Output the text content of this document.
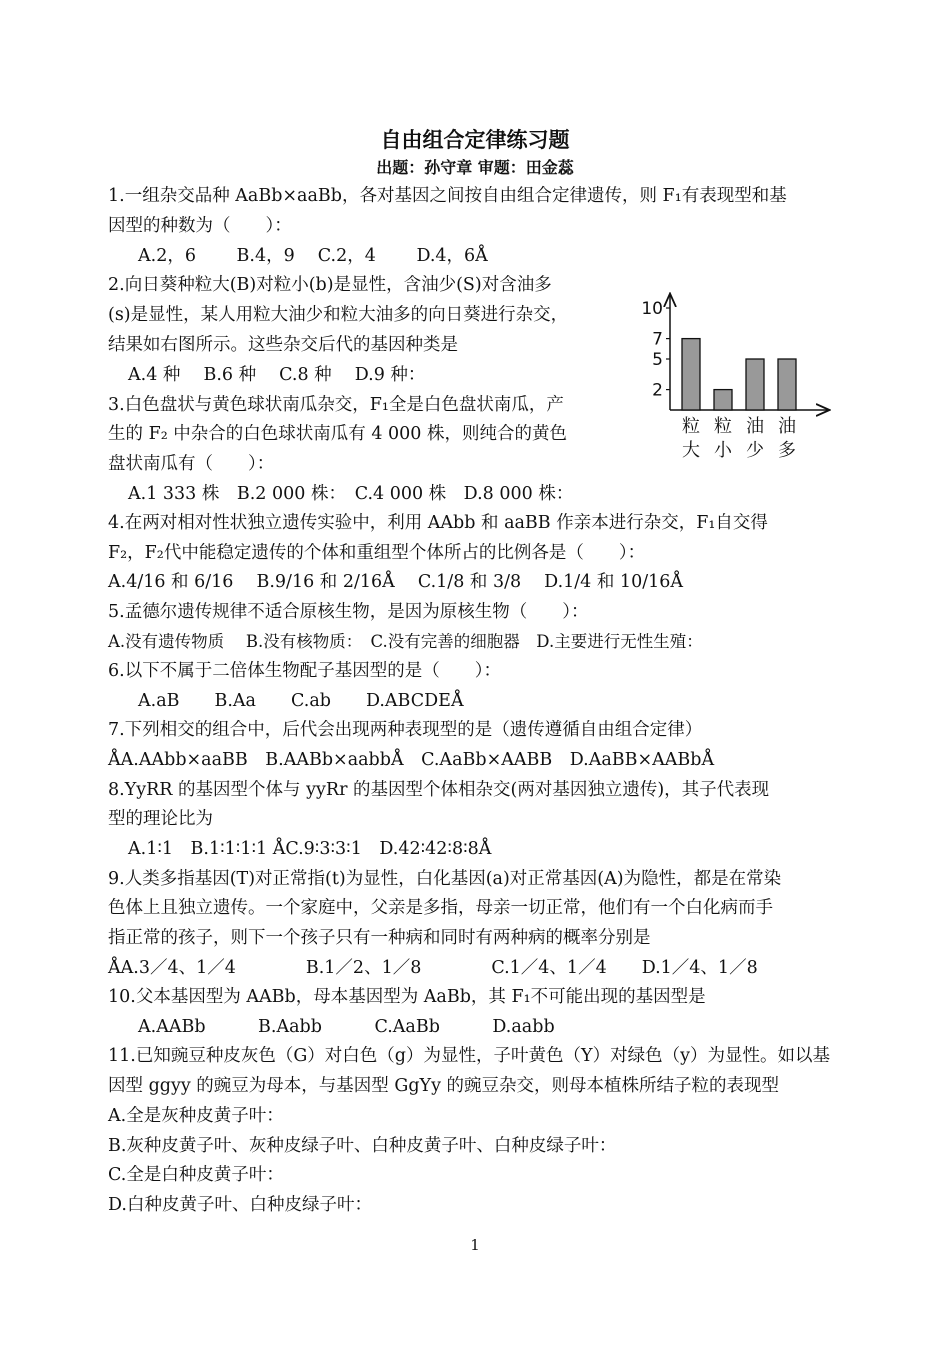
自由组合定律练习题
出题：孙守章 审题：田金蕊
1.一组杂交品种 AaBb×aaBb，各对基因之间按自由组合定律遗传，则 F₁有表现型和基
因型的种数为（　　）：
A.2，6　　 B.4，9　 C.2，4　　 D.4，6Å
2.向日葵种粒大(B)对粒小(b)是显性，含油少(S)对含油多
(s)是显性，某人用粒大油少和粒大油多的向日葵进行杂交，
结果如右图所示。这些杂交后代的基因种类是
A.4 种　 B.6 种　 C.8 种　 D.9 种：
3.白色盘状与黄色球状南瓜杂交，F₁全是白色盘状南瓜，产
生的 F₂ 中杂合的白色球状南瓜有 4 000 株，则纯合的黄色
盘状南瓜有（　　）：
A.1 333 株　B.2 000 株：　C.4 000 株　D.8 000 株：
4.在两对相对性状独立遗传实验中，利用 AAbb 和 aaBB 作亲本进行杂交，F₁自交得
F₂，F₂代中能稳定遗传的个体和重组型个体所占的比例各是（　　）：
A.4/16 和 6/16　 B.9/16 和 2/16Å　 C.1/8 和 3/8　 D.1/4 和 10/16Å
5.孟德尔遗传规律不适合原核生物，是因为原核生物（　　）：
A.没有遗传物质　 B.没有核物质：　C.没有完善的细胞器　D.主要进行无性生殖：
6.以下不属于二倍体生物配子基因型的是（　　）：
A.aB　　B.Aa　　C.ab　　D.ABCDEÅ
7.下列相交的组合中，后代会出现两种表现型的是（遗传遵循自由组合定律）
ÅA.AAbb×aaBB　B.AABb×aabbÅ　C.AaBb×AABB　D.AaBB×AABbÅ
8.YyRR 的基因型个体与 yyRr 的基因型个体相杂交(两对基因独立遗传)，其子代表现
型的理论比为
A.1∶1　B.1∶1∶1∶1 ÅC.9∶3∶3∶1　D.42∶42∶8∶8Å
9.人类多指基因(T)对正常指(t)为显性，白化基因(a)对正常基因(A)为隐性，都是在常染
色体上且独立遗传。一个家庭中，父亲是多指，母亲一切正常，他们有一个白化病而手
指正常的孩子，则下一个孩子只有一种病和同时有两种病的概率分别是
ÅA.3／4、1／4　　　　B.1／2、1／8　　　　C.1／4、1／4　　D.1／4、1／8
10.父本基因型为 AABb，母本基因型为 AaBb，其 F₁不可能出现的基因型是
A.AABb　　　B.Aabb　　　C.AaBb　　　D.aabb
11.已知豌豆种皮灰色（G）对白色（g）为显性，子叶黄色（Y）对绿色（y）为显性。如以基
因型 ggyy 的豌豆为母本，与基因型 GgYy 的豌豆杂交，则母本植株所结子粒的表现型
A.全是灰种皮黄子叶：
B.灰种皮黄子叶、灰种皮绿子叶、白种皮黄子叶、白种皮绿子叶：
C.全是白种皮黄子叶：
D.白种皮黄子叶、白种皮绿子叶：
10
7
5
2
粒
大
粒
小
油
少
油
多
1
